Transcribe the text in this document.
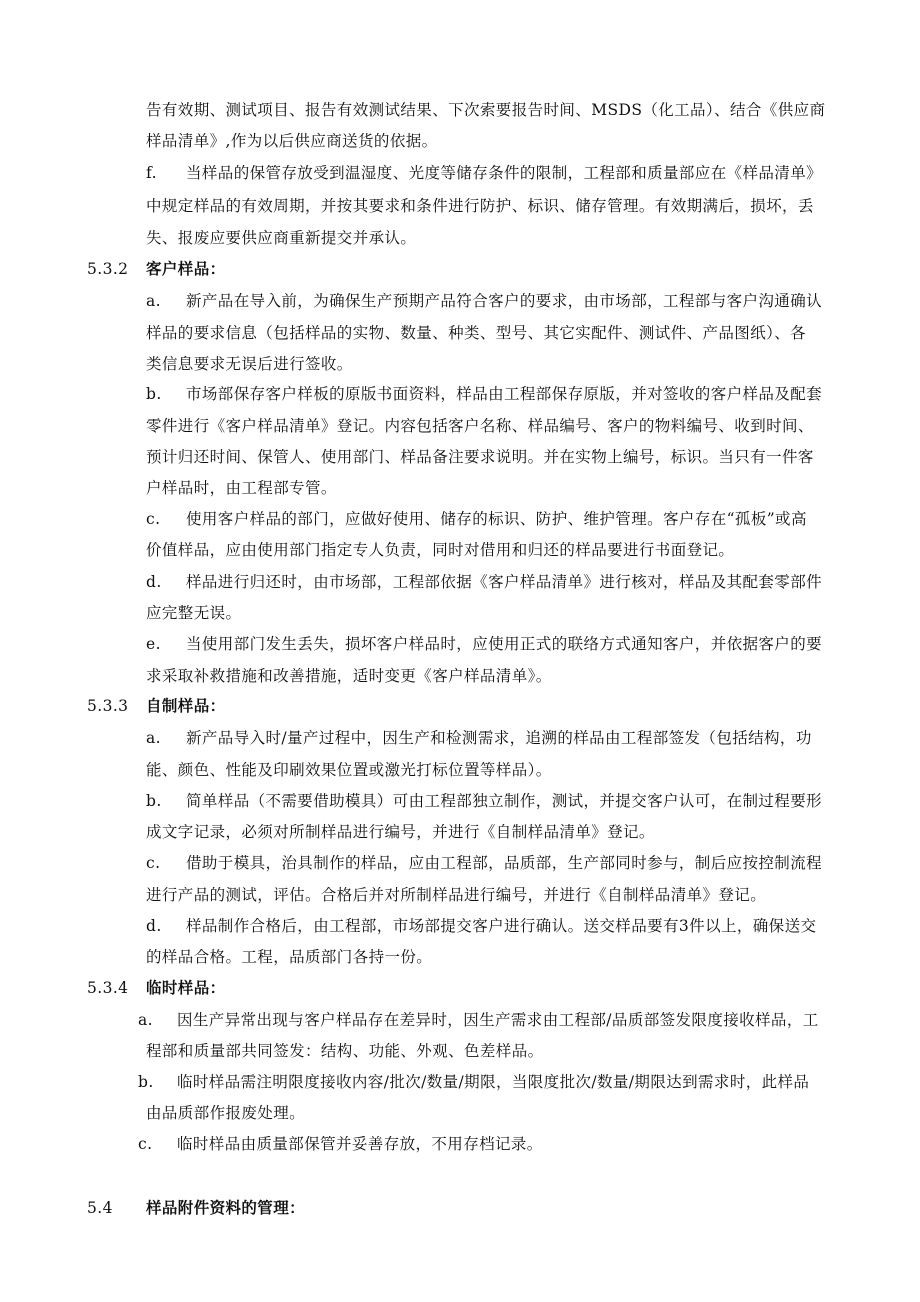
告有效期、测试项目、报告有效测试结果、下次索要报告时间、MSDS（化工品）、结合《供应商
样品清单》,作为以后供应商送货的依据。
f. 当样品的保管存放受到温湿度、光度等储存条件的限制，工程部和质量部应在《样品清单》
中规定样品的有效周期，并按其要求和条件进行防护、标识、储存管理。有效期满后，损坏，丢
失、报废应要供应商重新提交并承认。
5.3.2 客户样品：
a. 新产品在导入前，为确保生产预期产品符合客户的要求，由市场部，工程部与客户沟通确认
样品的要求信息（包括样品的实物、数量、种类、型号、其它实配件、测试件、产品图纸）、各
类信息要求无误后进行签收。
b. 市场部保存客户样板的原版书面资料，样品由工程部保存原版，并对签收的客户样品及配套
零件进行《客户样品清单》登记。内容包括客户名称、样品编号、客户的物料编号、收到时间、
预计归还时间、保管人、使用部门、样品备注要求说明。并在实物上编号，标识。当只有一件客
户样品时，由工程部专管。
c. 使用客户样品的部门，应做好使用、储存的标识、防护、维护管理。客户存在“孤板”或高
价值样品，应由使用部门指定专人负责，同时对借用和归还的样品要进行书面登记。
d. 样品进行归还时，由市场部，工程部依据《客户样品清单》进行核对，样品及其配套零部件
应完整无误。
e. 当使用部门发生丢失，损坏客户样品时，应使用正式的联络方式通知客户，并依据客户的要
求采取补救措施和改善措施，适时变更《客户样品清单》。
5.3.3 自制样品：
a. 新产品导入时/量产过程中，因生产和检测需求，追溯的样品由工程部签发（包括结构，功
能、颜色、性能及印刷效果位置或激光打标位置等样品）。
b. 简单样品（不需要借助模具）可由工程部独立制作，测试，并提交客户认可，在制过程要形
成文字记录，必须对所制样品进行编号，并进行《自制样品清单》登记。
c. 借助于模具，治具制作的样品，应由工程部，品质部，生产部同时参与，制后应按控制流程
进行产品的测试，评估。合格后并对所制样品进行编号，并进行《自制样品清单》登记。
d. 样品制作合格后，由工程部，市场部提交客户进行确认。送交样品要有3件以上，确保送交
的样品合格。工程，品质部门各持一份。
5.3.4 临时样品：
a. 因生产异常出现与客户样品存在差异时，因生产需求由工程部/品质部签发限度接收样品，工
程部和质量部共同签发：结构、功能、外观、色差样品。
b. 临时样品需注明限度接收内容/批次/数量/期限，当限度批次/数量/期限达到需求时，此样品
由品质部作报废处理。
c. 临时样品由质量部保管并妥善存放，不用存档记录。
5.4 样品附件资料的管理：
